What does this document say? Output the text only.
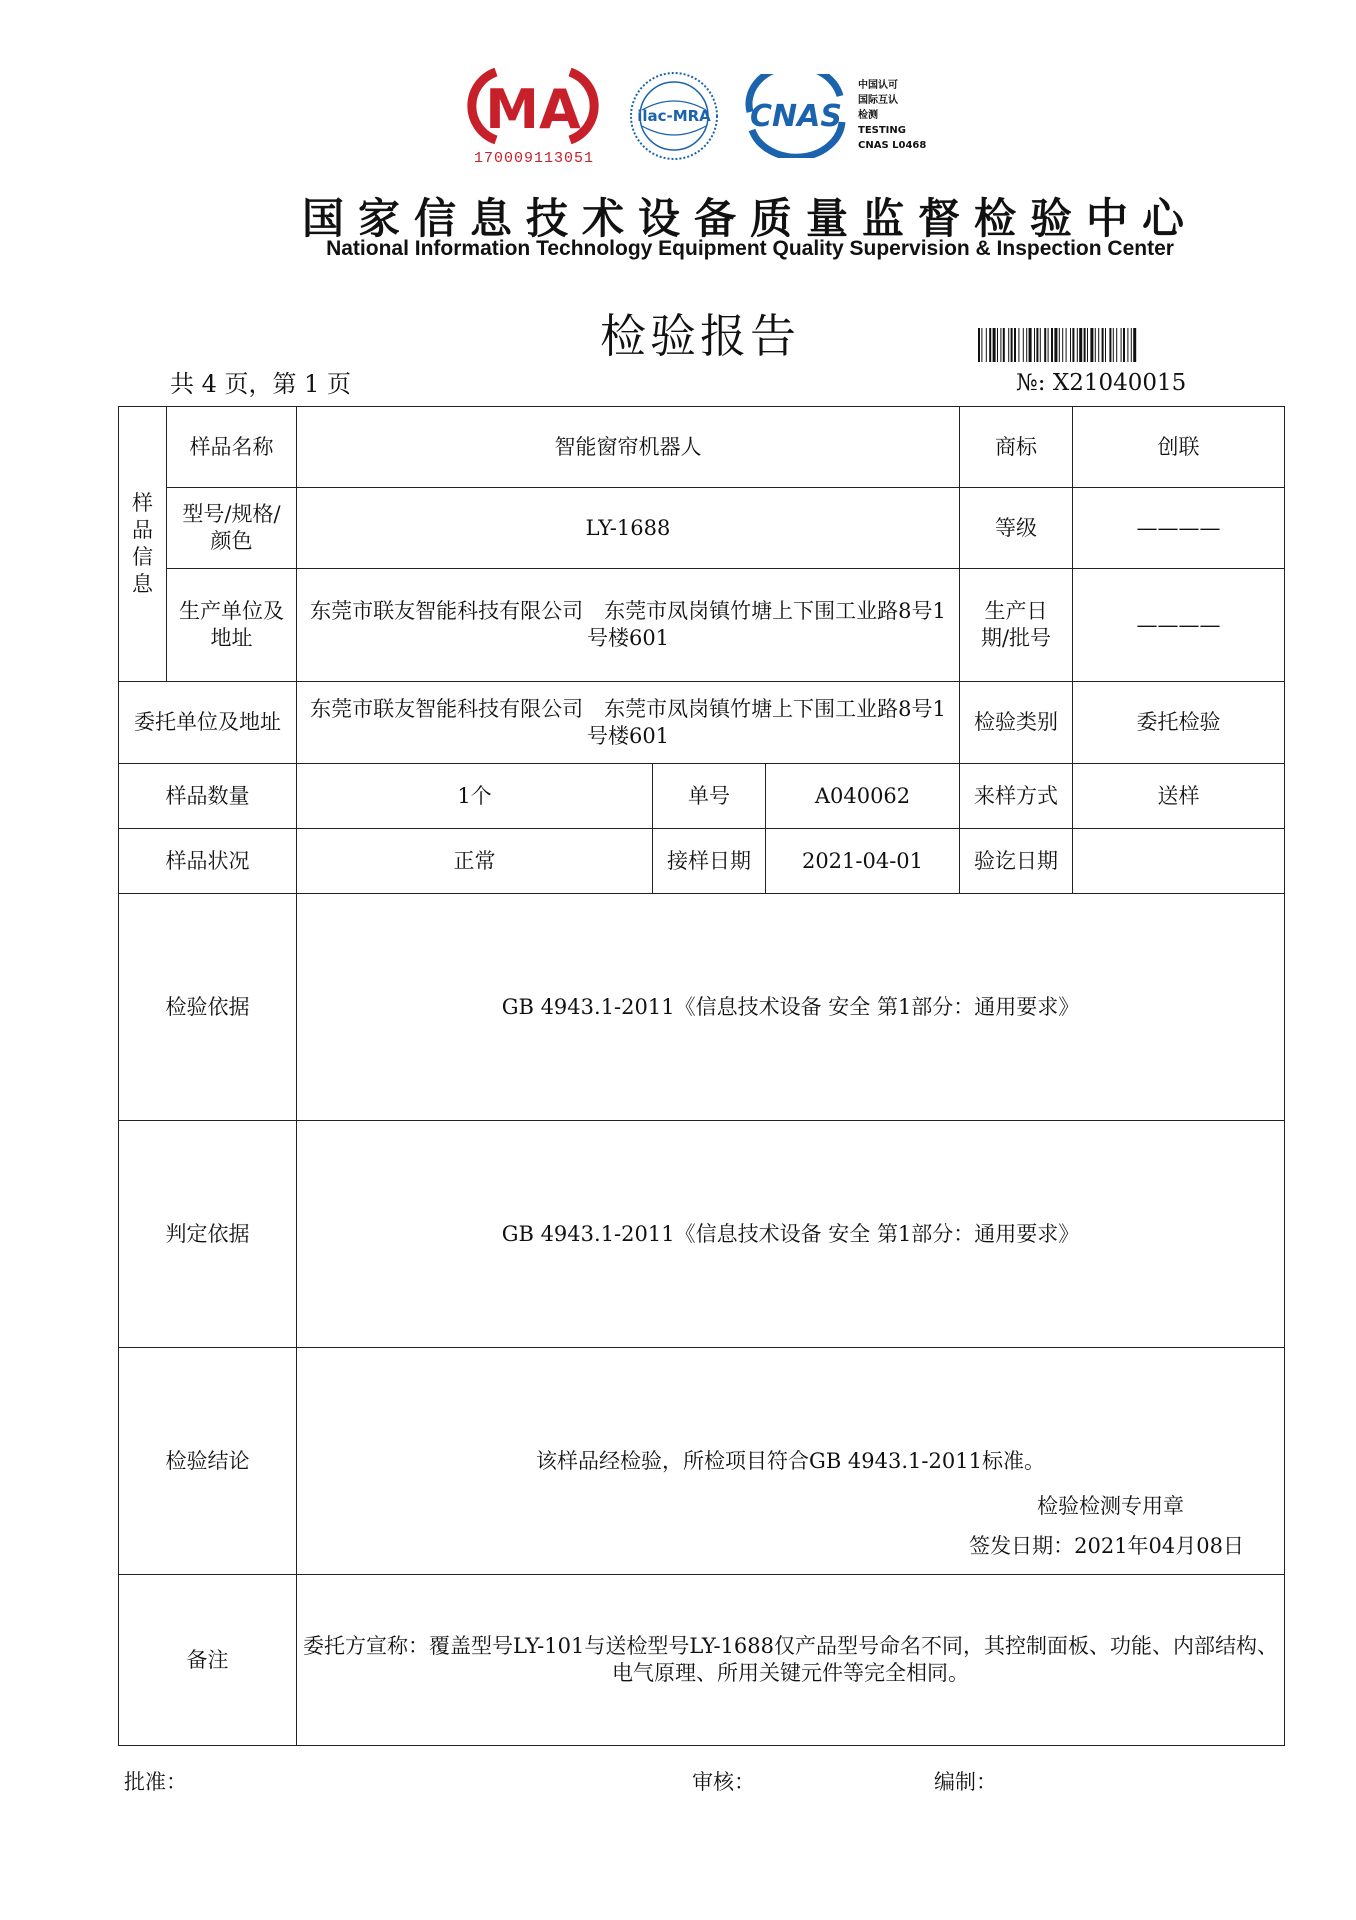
MA
170009113051
ilac-MRA CNAS
中国认可
国际互认
检测
TESTING
CNAS L0468
国家信息技术设备质量监督检验中心
National Information Technology Equipment Quality Supervision & Inspection Center
检验报告
共 4 页，第 1 页	№: X21040015
样品信息	样品名称	智能窗帘机器人			商标	创联
	型号/规格/颜色	LY-1688			等级	————
	生产单位及地址	东莞市联友智能科技有限公司　东莞市凤岗镇竹塘上下围工业路8号1号楼601			生产日期/批号	————
委托单位及地址		东莞市联友智能科技有限公司　东莞市凤岗镇竹塘上下围工业路8号1号楼601			检验类别	委托检验
样品数量		1个	单号	A040062	来样方式	送样
样品状况		正常	接样日期	2021-04-01	验讫日期	
检验依据		GB 4943.1-2011《信息技术设备 安全 第1部分：通用要求》				
判定依据		GB 4943.1-2011《信息技术设备 安全 第1部分：通用要求》				
检验结论		该样品经检验，所检项目符合GB 4943.1-2011标准。
检验检测专用章
签发日期：2021年04月08日				

备注		委托方宣称：覆盖型号LY-101与送检型号LY-1688仅产品型号命名不同，其控制面板、功能、内部结构、电气原理、所用关键元件等完全相同。				
批准：	审核：	编制：
